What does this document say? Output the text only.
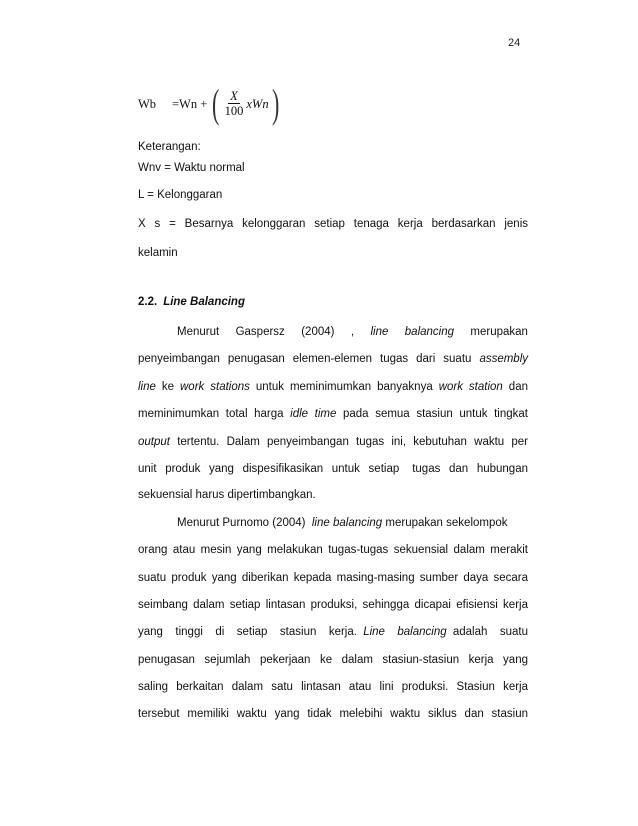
24
Wb	=Wn + ( $\frac{X}{100}$ xWn )
Keterangan:
Wnv = Waktu normal
L = Kelonggaran
X  s  =  Besarnya  kelonggaran  setiap  tenaga  kerja  berdasarkan  jenis
kelamin
2.2. Line Balancing
Menurut Gaspersz (2004) , line balancing merupakan
penyeimbangan penugasan elemen-elemen tugas dari suatu assembly
line ke work stations untuk meminimumkan banyaknya work station dan
meminimumkan total harga idle time pada semua stasiun untuk tingkat
output tertentu. Dalam penyeimbangan tugas ini, kebutuhan waktu per
unit  produk  yang  dispesifikasikan  untuk  setiap   tugas  dan  hubungan
sekuensial harus dipertimbangkan.
Menurut Purnomo (2004) line balancing merupakan sekelompok
orang atau mesin yang melakukan tugas-tugas sekuensial dalam merakit
suatu produk yang diberikan kepada masing-masing sumber daya secara
seimbang dalam setiap lintasan produksi, sehingga dicapai efisiensi kerja
yang  tinggi  di  setiap  stasiun  kerja. Line  balancing adalah  suatu
penugasan  sejumlah  pekerjaan  ke  dalam  stasiun-stasiun  kerja  yang
saling  berkaitan  dalam  satu  lintasan  atau  lini  produksi.  Stasiun  kerja
tersebut  memiliki  waktu  yang  tidak  melebihi  waktu  siklus  dan  stasiun
